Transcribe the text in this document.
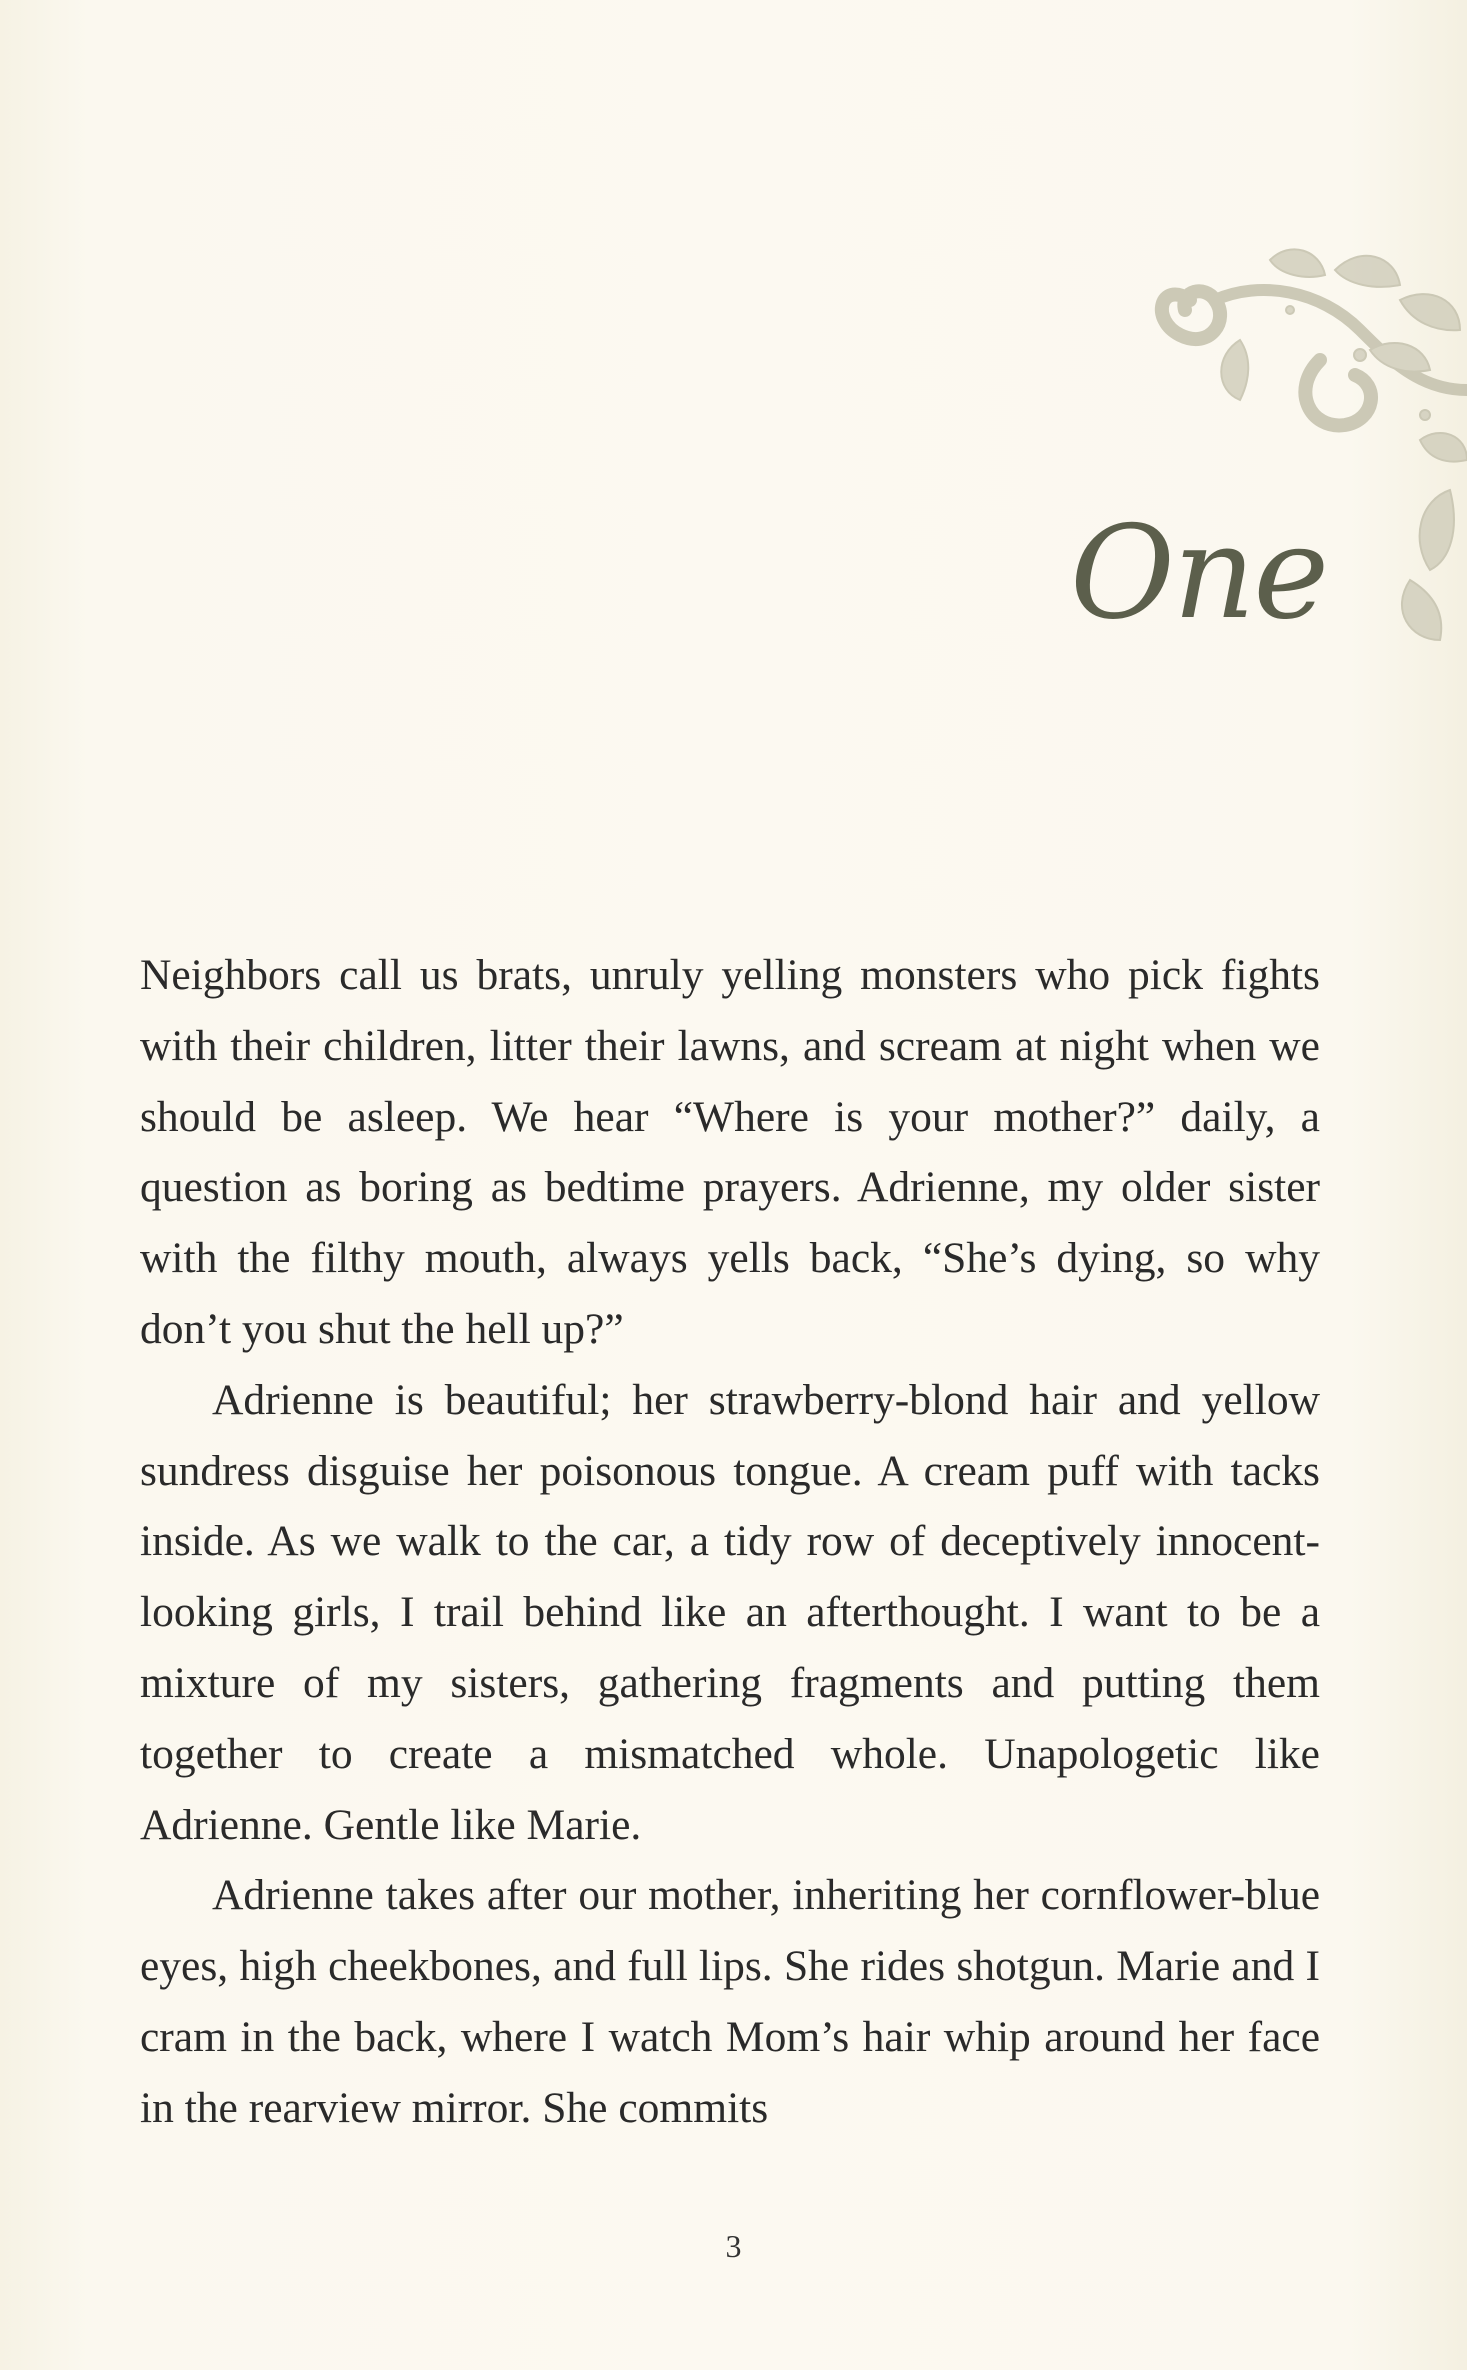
One

Neighbors call us brats, unruly yelling monsters who pick fights with their children, litter their lawns, and scream at night when we should be asleep. We hear “Where is your mother?” daily, a question as boring as bedtime prayers. Adrienne, my older sister with the filthy mouth, always yells back, “She’s dying, so why don’t you shut the hell up?”

Adrienne is beautiful; her strawberry-blond hair and yellow sundress disguise her poisonous tongue. A cream puff with tacks inside. As we walk to the car, a tidy row of deceptively innocent-looking girls, I trail behind like an afterthought. I want to be a mixture of my sisters, gathering fragments and putting them together to create a mismatched whole. Unapologetic like Adrienne. Gentle like Marie.

Adrienne takes after our mother, inheriting her cornflower-blue eyes, high cheekbones, and full lips. She rides shotgun. Marie and I cram in the back, where I watch Mom’s hair whip around her face in the rearview mirror. She commits

3
